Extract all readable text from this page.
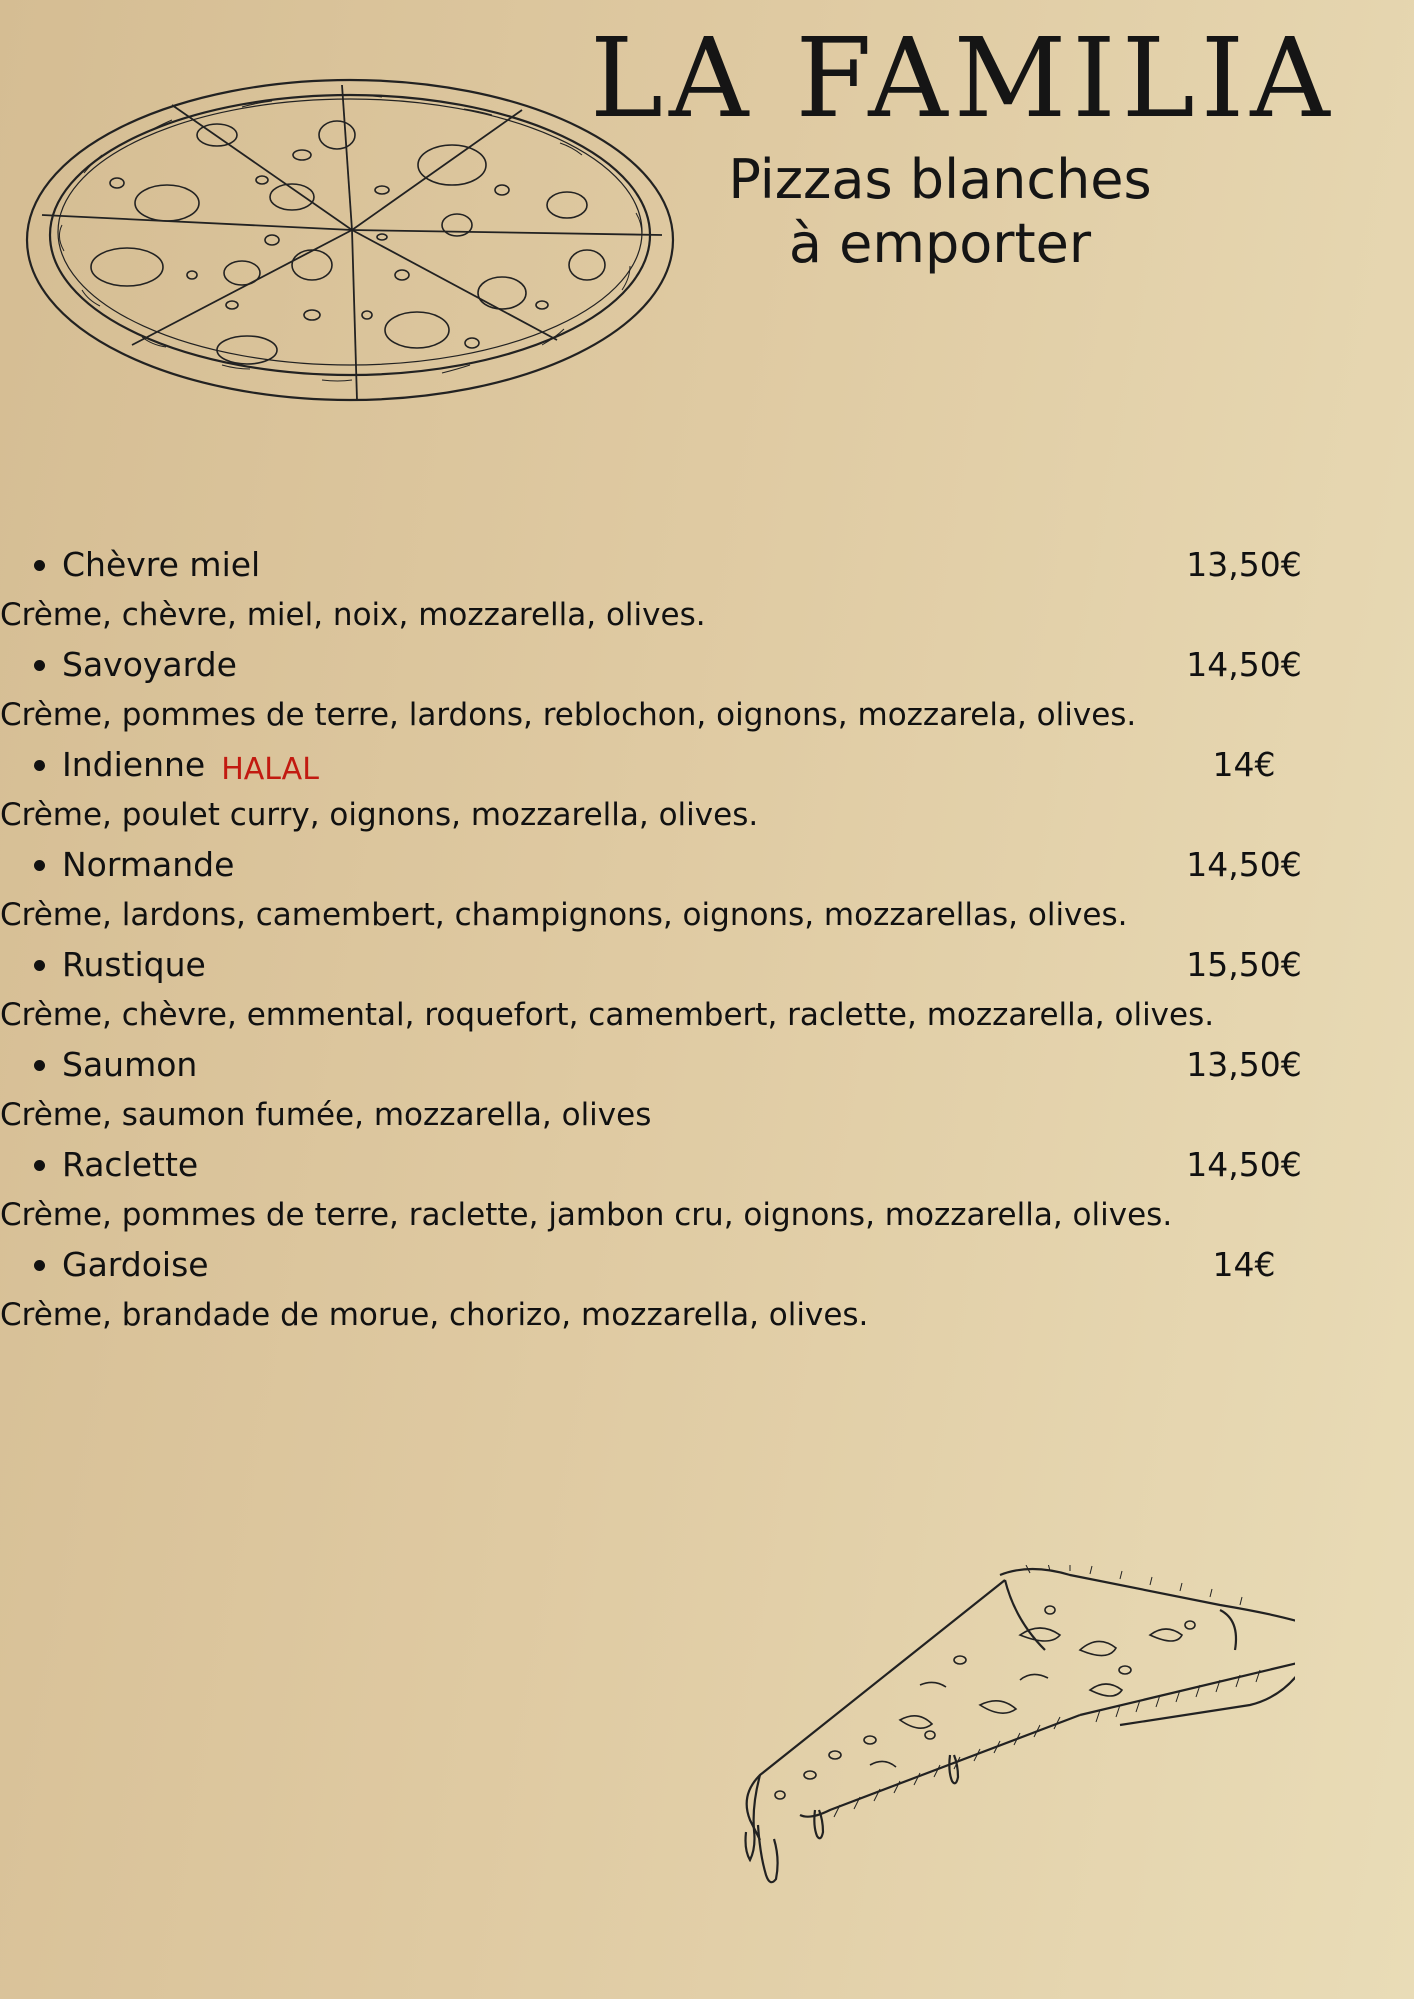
LA FAMILIA
Pizzas blanches
à emporter
Chèvre miel	13,50€
Crème, chèvre, miel, noix, mozzarella, olives.
Savoyarde	14,50€
Crème, pommes de terre, lardons, reblochon, oignons, mozzarela, olives.
Indienne HALAL	14€
Crème, poulet curry, oignons, mozzarella, olives.
Normande	14,50€
Crème, lardons, camembert, champignons, oignons, mozzarellas, olives.
Rustique	15,50€
Crème, chèvre, emmental, roquefort, camembert, raclette, mozzarella, olives.
Saumon	13,50€
Crème, saumon fumée, mozzarella, olives
Raclette	14,50€
Crème, pommes de terre, raclette, jambon cru, oignons, mozzarella, olives.
Gardoise	14€
Crème, brandade de morue, chorizo, mozzarella, olives.
